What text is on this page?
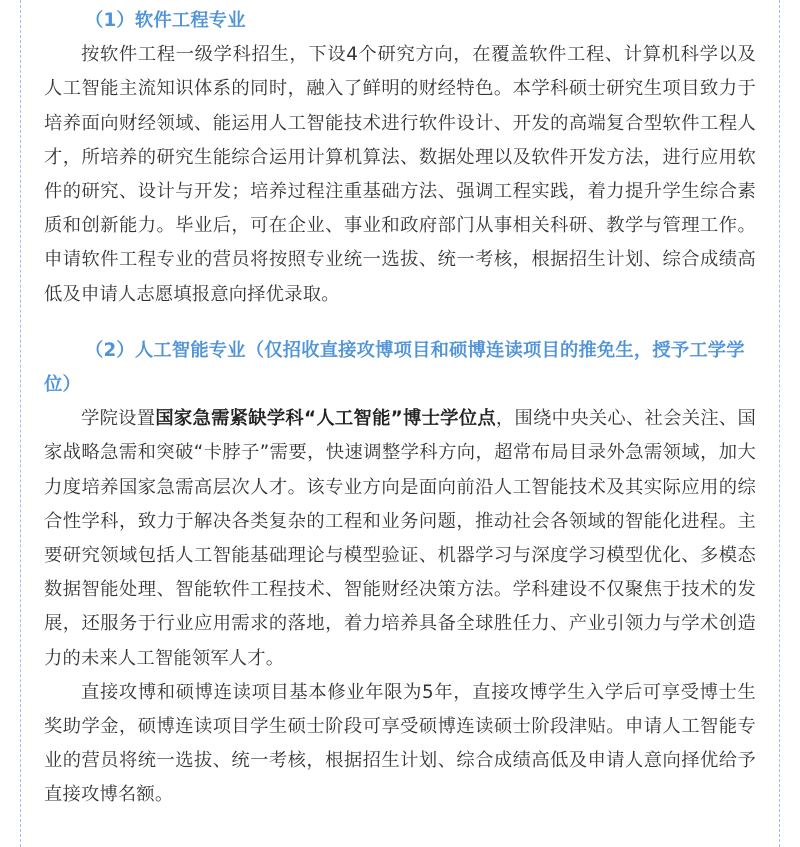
（1）软件工程专业

按软件工程一级学科招生，下设4个研究方向，在覆盖软件工程、计算机科学以及人工智能主流知识体系的同时，融入了鲜明的财经特色。本学科硕士研究生项目致力于培养面向财经领域、能运用人工智能技术进行软件设计、开发的高端复合型软件工程人才，所培养的研究生能综合运用计算机算法、数据处理以及软件开发方法，进行应用软件的研究、设计与开发；培养过程注重基础方法、强调工程实践，着力提升学生综合素质和创新能力。毕业后，可在企业、事业和政府部门从事相关科研、教学与管理工作。申请软件工程专业的营员将按照专业统一选拔、统一考核，根据招生计划、综合成绩高低及申请人志愿填报意向择优录取。

（2）人工智能专业（仅招收直接攻博项目和硕博连读项目的推免生，授予工学学位）

学院设置国家急需紧缺学科“人工智能”博士学位点，围绕中央关心、社会关注、国家战略急需和突破“卡脖子”需要，快速调整学科方向，超常布局目录外急需领域，加大力度培养国家急需高层次人才。该专业方向是面向前沿人工智能技术及其实际应用的综合性学科，致力于解决各类复杂的工程和业务问题，推动社会各领域的智能化进程。主要研究领域包括人工智能基础理论与模型验证、机器学习与深度学习模型优化、多模态数据智能处理、智能软件工程技术、智能财经决策方法。学科建设不仅聚焦于技术的发展，还服务于行业应用需求的落地，着力培养具备全球胜任力、产业引领力与学术创造力的未来人工智能领军人才。

直接攻博和硕博连读项目基本修业年限为5年，直接攻博学生入学后可享受博士生奖助学金，硕博连读项目学生硕士阶段可享受硕博连读硕士阶段津贴。申请人工智能专业的营员将统一选拔、统一考核，根据招生计划、综合成绩高低及申请人意向择优给予直接攻博名额。
